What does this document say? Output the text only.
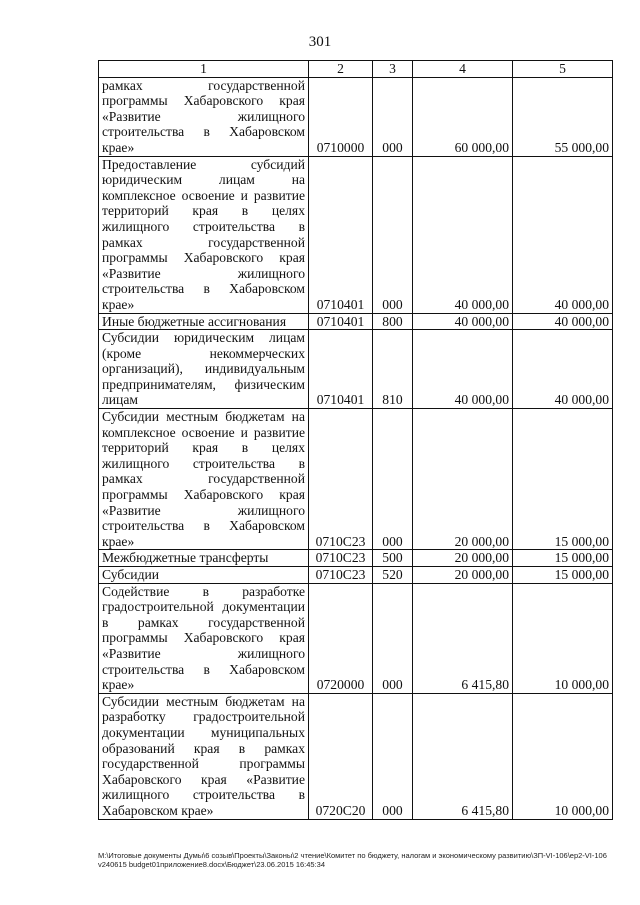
301
1	2	3	4	5
рамках государственной программы Хабаровского края «Развитие жилищного строительства в Хабаровском крае»	0710000	000	60 000,00	55 000,00
Предоставление субсидий юридическим лицам на комплексное освоение и развитие территорий края в целях жилищного строительства в рамках государственной программы Хабаровского края «Развитие жилищного строительства в Хабаровском крае»	0710401	000	40 000,00	40 000,00
Иные бюджетные ассигнования	0710401	800	40 000,00	40 000,00
Субсидии юридическим лицам (кроме некоммерческих организаций), индивидуальным предпринимателям, физическим лицам	0710401	810	40 000,00	40 000,00
Субсидии местным бюджетам на комплексное освоение и развитие территорий края в целях жилищного строительства в рамках государственной программы Хабаровского края «Развитие жилищного строительства в Хабаровском крае»	0710С23	000	20 000,00	15 000,00
Межбюджетные трансферты	0710С23	500	20 000,00	15 000,00
Субсидии	0710С23	520	20 000,00	15 000,00
Содействие в разработке градостроительной документации в рамках государственной программы Хабаровского края «Развитие жилищного строительства в Хабаровском крае»	0720000	000	6 415,80	10 000,00
Субсидии местным бюджетам на разработку градостроительной документации муниципальных образований края в рамках государственной программы Хабаровского края «Развитие жилищного строительства в Хабаровском крае»	0720С20	000	6 415,80	10 000,00
M:\Итоговые документы Думы\6 созыв\Проекты\Законы\2 чтение\Комитет по бюджету, налогам и экономическому развитию\ЗП-VI-106\ер2-VI-106 v240615 budget01приложение8.docx\Бюджет\23.06.2015 16:45:34
